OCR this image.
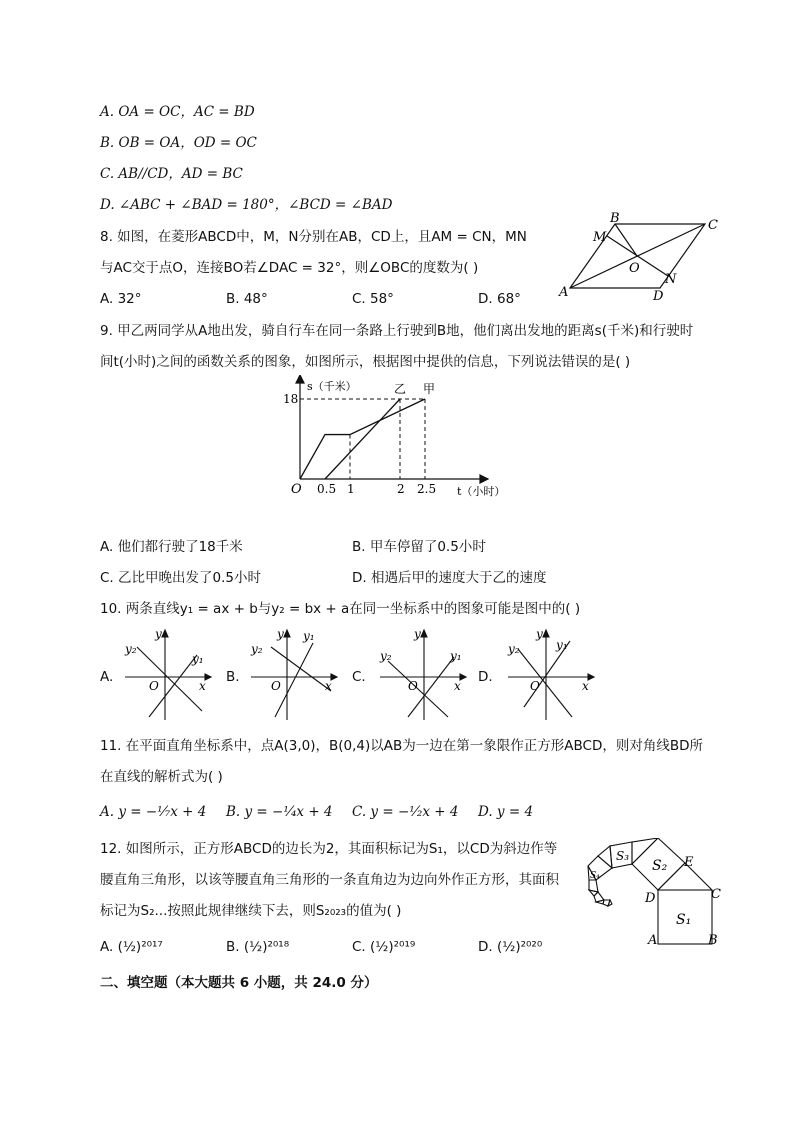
A. OA = OC，AC = BD
B. OB = OA，OD = OC
C. AB//CD，AD = BC
D. ∠ABC + ∠BAD = 180°，∠BCD = ∠BAD
8. 如图，在菱形ABCD中，M，N分别在AB，CD上，且AM = CN，MN
与AC交于点O，连接BO若∠DAC = 32°，则∠OBC的度数为( )
A. 32°	B. 48°	C. 58°	D. 68°	A
B	C
D
M
N
O
9. 甲乙两同学从A地出发，骑自行车在同一条路上行驶到B地，他们离出发地的距离s(千米)和行驶时
间t(小时)之间的函数关系的图象，如图所示，根据图中提供的信息，下列说法错误的是( )
甲
乙
0.5 1	2 2.5
18
O
s（千米）
t（小时）
A. 他们都行驶了18千米	B. 甲车停留了0.5小时
C. 乙比甲晚出发了0.5小时	D. 相遇后甲的速度大于乙的速度
10. 两条直线y₁ = ax + b与y₂ = bx + a在同一坐标系中的图象可能是图中的( )
A.	B.	C.	D.
y
x
O
y₂
y₁
y y₁
x
O
y₂
y
x
O
y₂	y₁
y
y₁
x
O
y₂
11. 在平面直角坐标系中，点A(3,0)，B(0,4)以AB为一边在第一象限作正方形ABCD，则对角线BD所
在直线的解析式为( )
A. y = −¹⁄₇x + 4 B. y = −¹⁄₄x + 4 C. y = −¹⁄₂x + 4 D. y = 4
12. 如图所示，正方形ABCD的边长为2，其面积标记为S₁，以CD为斜边作等
腰直角三角形，以该等腰直角三角形的一条直角边为边向外作正方形，其面积
标记为S₂...按照此规律继续下去，则S₂₀₂₃的值为( )
A. (½)²⁰¹⁷	B. (½)²⁰¹⁸	C. (½)²⁰¹⁹	D. (½)²⁰²⁰
S₁
S₂
S₃
S₄
A	B
C
D
E
二、填空题（本大题共 6 小题，共 24.0 分）
